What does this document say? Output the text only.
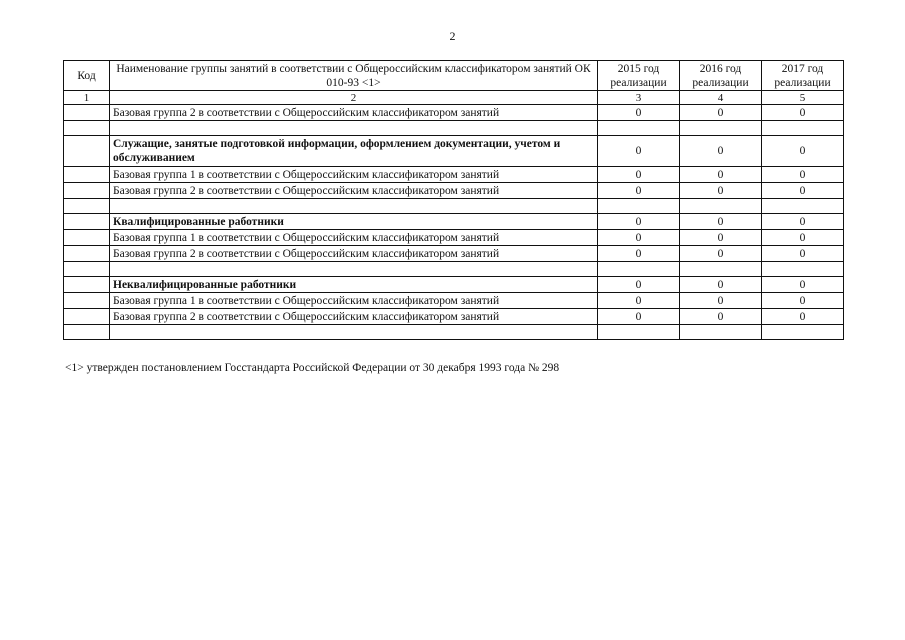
2
Код	Наименование группы занятий в соответствии с Общероссийским классификатором занятий ОК 010-93 <1>	2015 год реализации	2016 год реализации	2017 год реализации
1	2	3	4	5
	Базовая группа 2 в соответствии с Общероссийским классификатором занятий	0	0	0

	Служащие, занятые подготовкой информации, оформлением документации, учетом и обслуживанием	0	0	0
	Базовая группа 1 в соответствии с Общероссийским классификатором занятий	0	0	0
	Базовая группа 2 в соответствии с Общероссийским классификатором занятий	0	0	0

	Квалифицированные работники	0	0	0
	Базовая группа 1 в соответствии с Общероссийским классификатором занятий	0	0	0
	Базовая группа 2 в соответствии с Общероссийским классификатором занятий	0	0	0

	Неквалифицированные работники	0	0	0
	Базовая группа 1 в соответствии с Общероссийским классификатором занятий	0	0	0
	Базовая группа 2 в соответствии с Общероссийским классификатором занятий	0	0	0

<1> утвержден постановлением Госстандарта Российской Федерации от 30 декабря 1993 года № 298
